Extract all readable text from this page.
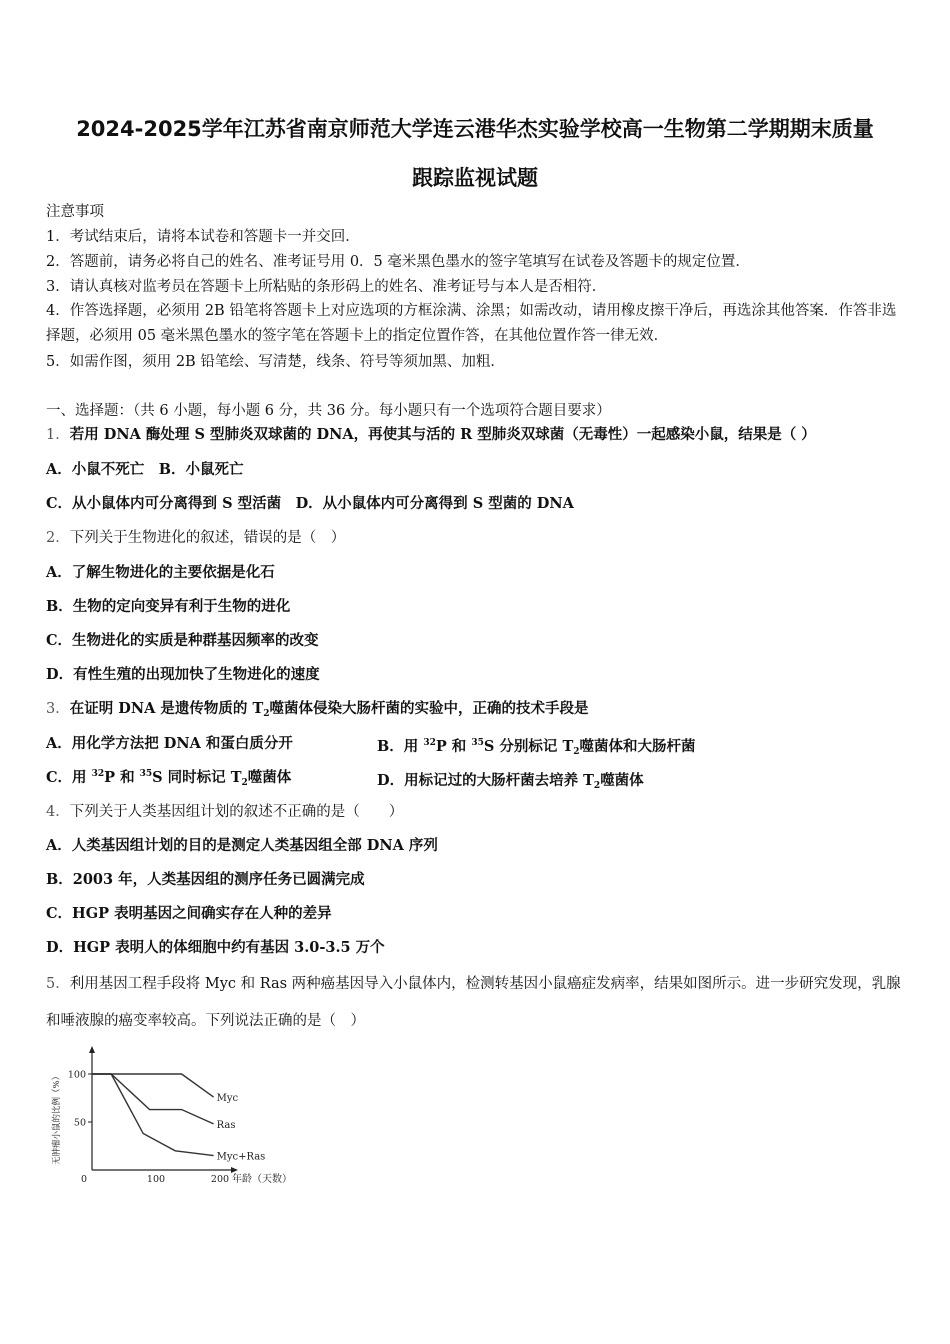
2024-2025学年江苏省南京师范大学连云港华杰实验学校高一生物第二学期期末质量
跟踪监视试题
注意事项
1．考试结束后，请将本试卷和答题卡一并交回．
2．答题前，请务必将自己的姓名、准考证号用 0．5 毫米黑色墨水的签字笔填写在试卷及答题卡的规定位置．
3．请认真核对监考员在答题卡上所粘贴的条形码上的姓名、准考证号与本人是否相符．
4．作答选择题，必须用 2B 铅笔将答题卡上对应选项的方框涂满、涂黑；如需改动，请用橡皮擦干净后，再选涂其他答案．作答非选择题，必须用 05 毫米黑色墨水的签字笔在答题卡上的指定位置作答，在其他位置作答一律无效．
5．如需作图，须用 2B 铅笔绘、写清楚，线条、符号等须加黑、加粗．
一、选择题：（共 6 小题，每小题 6 分，共 36 分。每小题只有一个选项符合题目要求）
1．若用 DNA 酶处理 S 型肺炎双球菌的 DNA，再使其与活的 R 型肺炎双球菌（无毒性）一起感染小鼠，结果是（ ）
A．小鼠不死亡　B．小鼠死亡
C．从小鼠体内可分离得到 S 型活菌　D．从小鼠体内可分离得到 S 型菌的 DNA
2．下列关于生物进化的叙述，错误的是（　）
A．了解生物进化的主要依据是化石
B．生物的定向变异有利于生物的进化
C．生物进化的实质是种群基因频率的改变
D．有性生殖的出现加快了生物进化的速度
3．在证明 DNA 是遗传物质的 $T_2$噬菌体侵染大肠杆菌的实验中，正确的技术手段是
A．用化学方法把 DNA 和蛋白质分开	B．用 $^{32}$P 和 $^{35}$S 分别标记 $T_2$噬菌体和大肠杆菌
C．用 $^{32}$P 和 $^{35}$S 同时标记 $T_2$噬菌体	D．用标记过的大肠杆菌去培养 $T_2$噬菌体
4．下列关于人类基因组计划的叙述不正确的是（　　）
A．人类基因组计划的目的是测定人类基因组全部 DNA 序列
B．2003 年，人类基因组的测序任务已圆满完成
C．HGP 表明基因之间确实存在人种的差异
D．HGP 表明人的体细胞中约有基因 3.0-3.5 万个
5．利用基因工程手段将 Myc 和 Ras 两种癌基因导入小鼠体内，检测转基因小鼠癌症发病率，结果如图所示。进一步研究发现，乳腺和唾液腺的癌变率较高。下列说法正确的是（　）
100
50
0	100	200
Myc
Ras
Myc+Ras
无肿瘤小鼠的比例（%）
年龄（天数）
